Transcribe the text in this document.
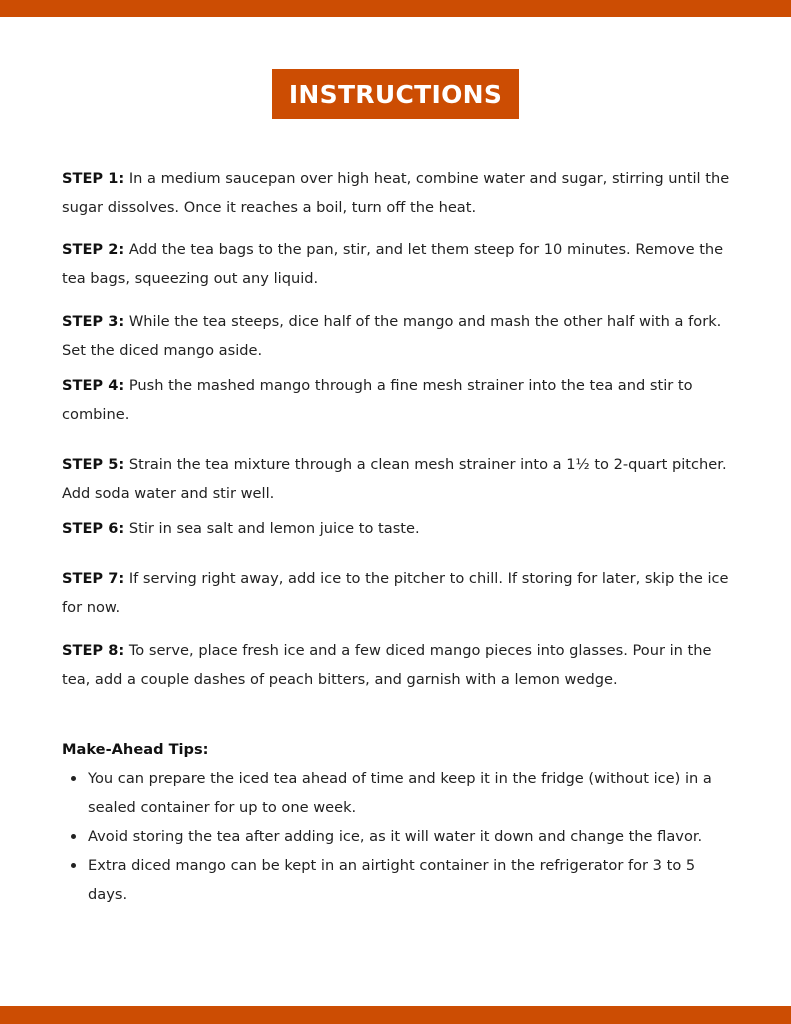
INSTRUCTIONS

STEP 1: In a medium saucepan over high heat, combine water and sugar, stirring until the sugar dissolves. Once it reaches a boil, turn off the heat.

STEP 2: Add the tea bags to the pan, stir, and let them steep for 10 minutes. Remove the tea bags, squeezing out any liquid.

STEP 3: While the tea steeps, dice half of the mango and mash the other half with a fork. Set the diced mango aside.

STEP 4: Push the mashed mango through a fine mesh strainer into the tea and stir to combine.

STEP 5: Strain the tea mixture through a clean mesh strainer into a 1½ to 2-quart pitcher. Add soda water and stir well.

STEP 6: Stir in sea salt and lemon juice to taste.

STEP 7: If serving right away, add ice to the pitcher to chill. If storing for later, skip the ice for now.

STEP 8: To serve, place fresh ice and a few diced mango pieces into glasses. Pour in the tea, add a couple dashes of peach bitters, and garnish with a lemon wedge.

Make-Ahead Tips:

You can prepare the iced tea ahead of time and keep it in the fridge (without ice) in a sealed container for up to one week.
Avoid storing the tea after adding ice, as it will water it down and change the flavor.
Extra diced mango can be kept in an airtight container in the refrigerator for 3 to 5 days.
